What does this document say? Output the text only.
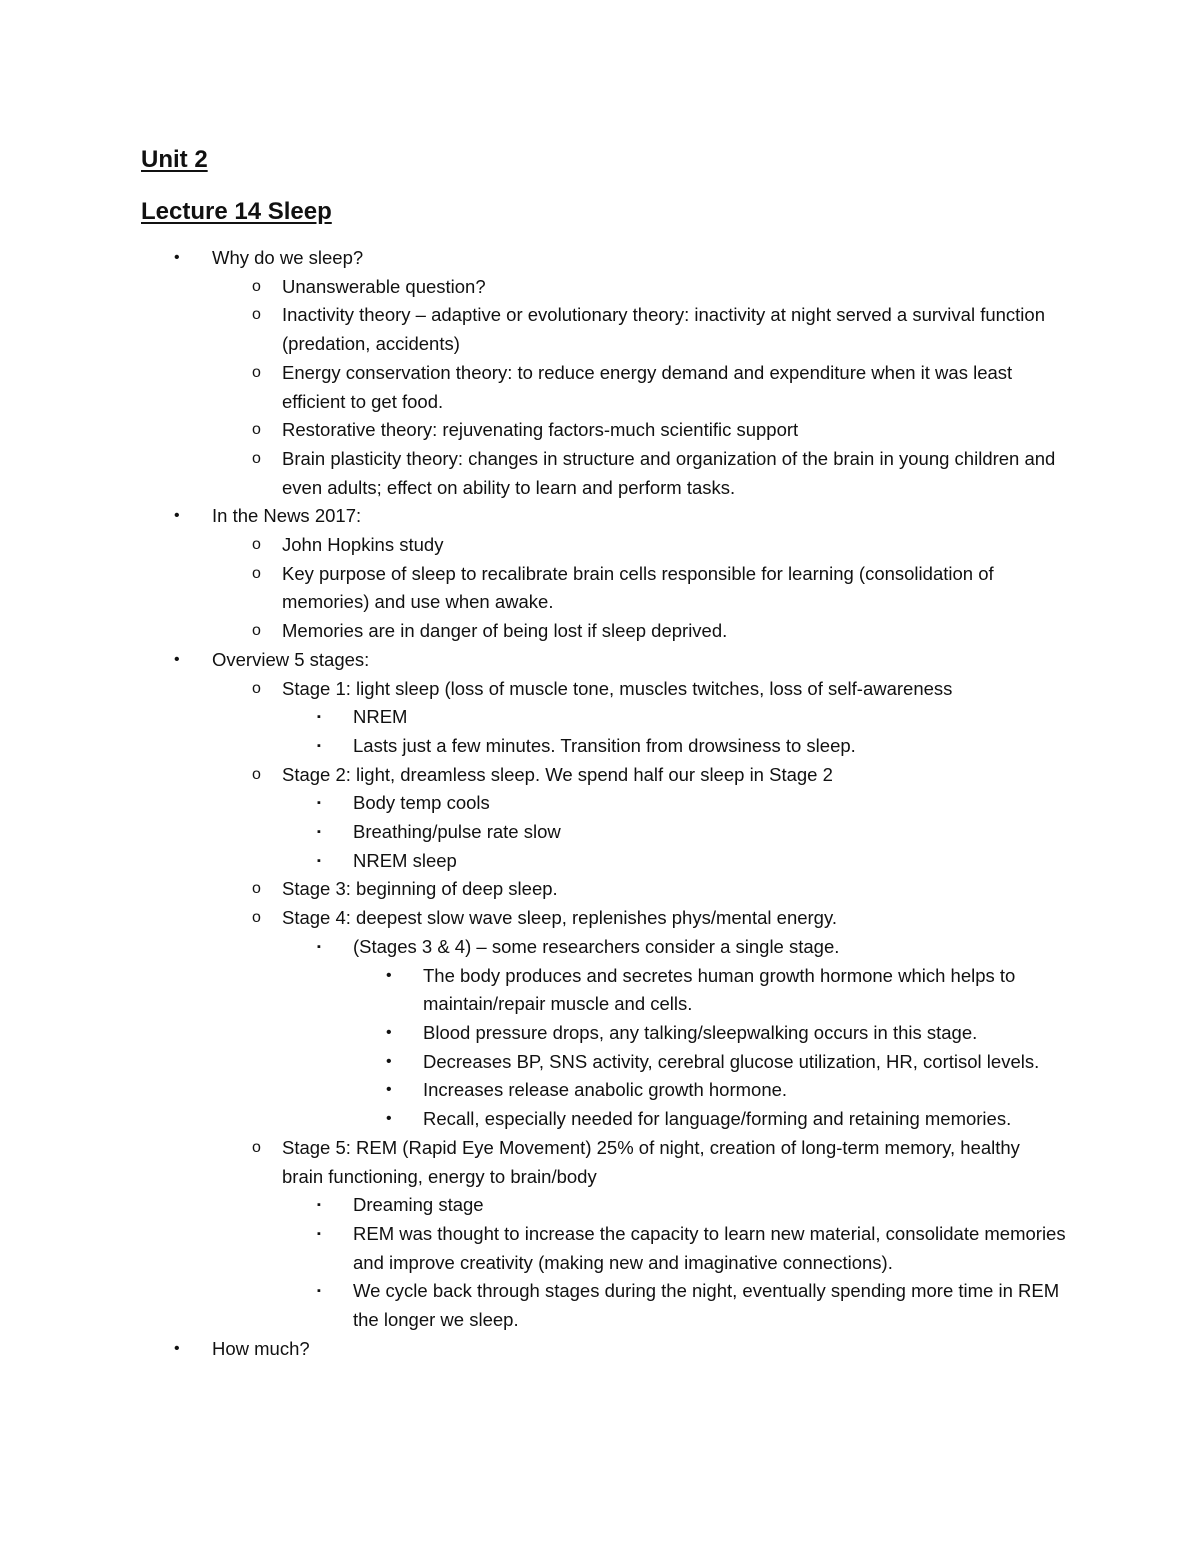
Unit 2
Lecture 14 Sleep
• Why do we sleep?
o Unanswerable question?
o Inactivity theory – adaptive or evolutionary theory: inactivity at night served a survival function (predation, accidents)
o Energy conservation theory: to reduce energy demand and expenditure when it was least efficient to get food.
o Restorative theory: rejuvenating factors-much scientific support
o Brain plasticity theory: changes in structure and organization of the brain in young children and even adults; effect on ability to learn and perform tasks.
• In the News 2017:
o John Hopkins study
o Key purpose of sleep to recalibrate brain cells responsible for learning (consolidation of memories) and use when awake.
o Memories are in danger of being lost if sleep deprived.
• Overview 5 stages:
o Stage 1: light sleep (loss of muscle tone, muscles twitches, loss of self-awareness
▪ NREM
▪ Lasts just a few minutes. Transition from drowsiness to sleep.
o Stage 2: light, dreamless sleep. We spend half our sleep in Stage 2
▪ Body temp cools
▪ Breathing/pulse rate slow
▪ NREM sleep
o Stage 3: beginning of deep sleep.
o Stage 4: deepest slow wave sleep, replenishes phys/mental energy.
▪ (Stages 3 & 4) – some researchers consider a single stage.
• The body produces and secretes human growth hormone which helps to maintain/repair muscle and cells.
• Blood pressure drops, any talking/sleepwalking occurs in this stage.
• Decreases BP, SNS activity, cerebral glucose utilization, HR, cortisol levels.
• Increases release anabolic growth hormone.
• Recall, especially needed for language/forming and retaining memories.
o Stage 5: REM (Rapid Eye Movement) 25% of night, creation of long-term memory, healthy brain functioning, energy to brain/body
▪ Dreaming stage
▪ REM was thought to increase the capacity to learn new material, consolidate memories and improve creativity (making new and imaginative connections).
▪ We cycle back through stages during the night, eventually spending more time in REM the longer we sleep.
• How much?
